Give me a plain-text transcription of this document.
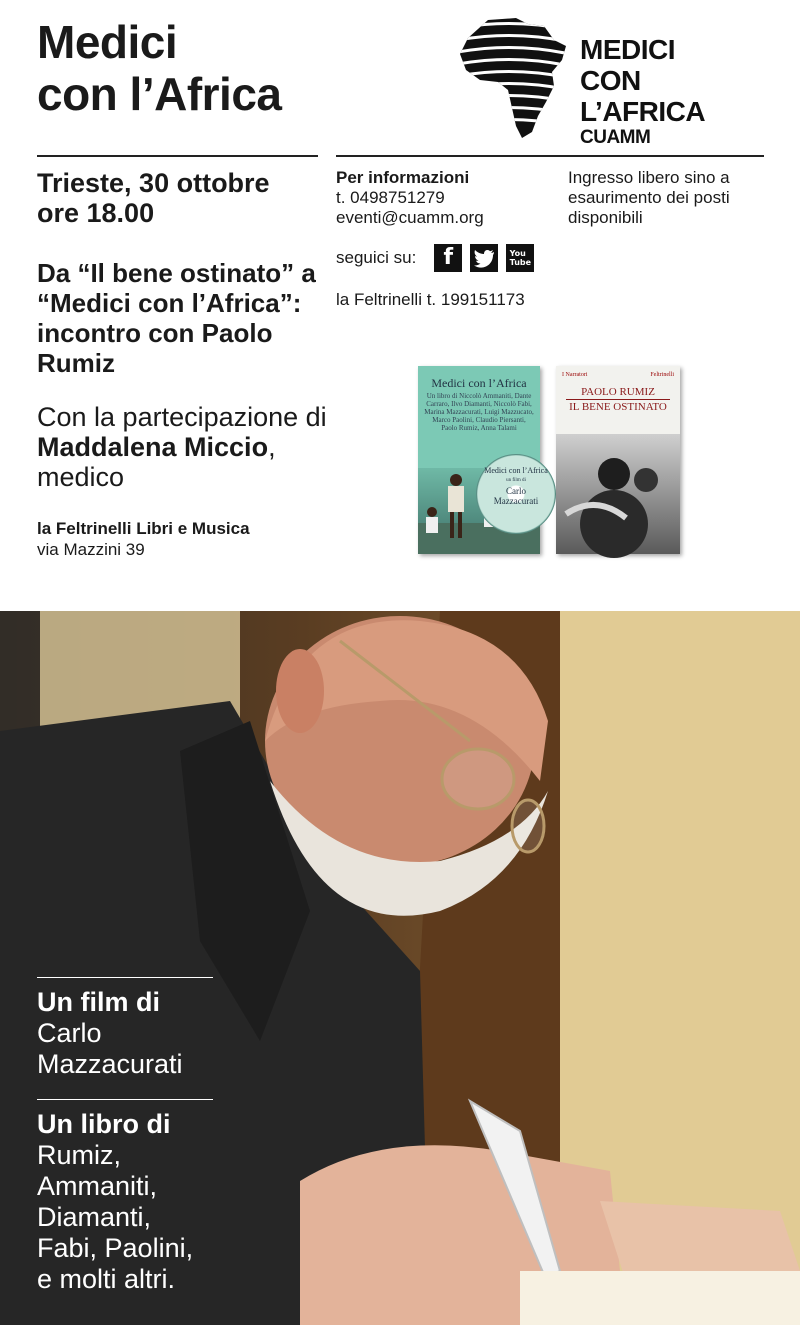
Medici
con l’Africa
MEDICI
CON L’AFRICA
CUAMM
Trieste, 30 ottobre
ore 18.00
Da “Il bene ostinato” a “Medici con l’Africa”: incontro con Paolo Rumiz
Con la partecipazione di Maddalena Miccio, medico
la Feltrinelli Libri e Musica
via Mazzini 39
Per informazioni
t. 0498751279
eventi@cuamm.org
Ingresso libero sino a esaurimento dei posti disponibili
seguici su:	f	You
Tube
la Feltrinelli t. 199151173
Medici con l’Africa
Un libro di Niccolò Ammaniti, Dante Carraro, Ilvo Diamanti, Niccolò Fabi, Marina Mazzacurati, Luigi Mazzucato, Marco Paolini, Claudio Piersanti, Paolo Rumiz, Anna Talami
Medici con l’Africa
un film di
Carlo Mazzacurati
I Narratori	Feltrinelli
PAOLO RUMIZ
IL BENE OSTINATO
Un film di
Carlo Mazzacurati
Un libro di
Rumiz, Ammaniti, Diamanti, Fabi, Paolini, e molti altri.
